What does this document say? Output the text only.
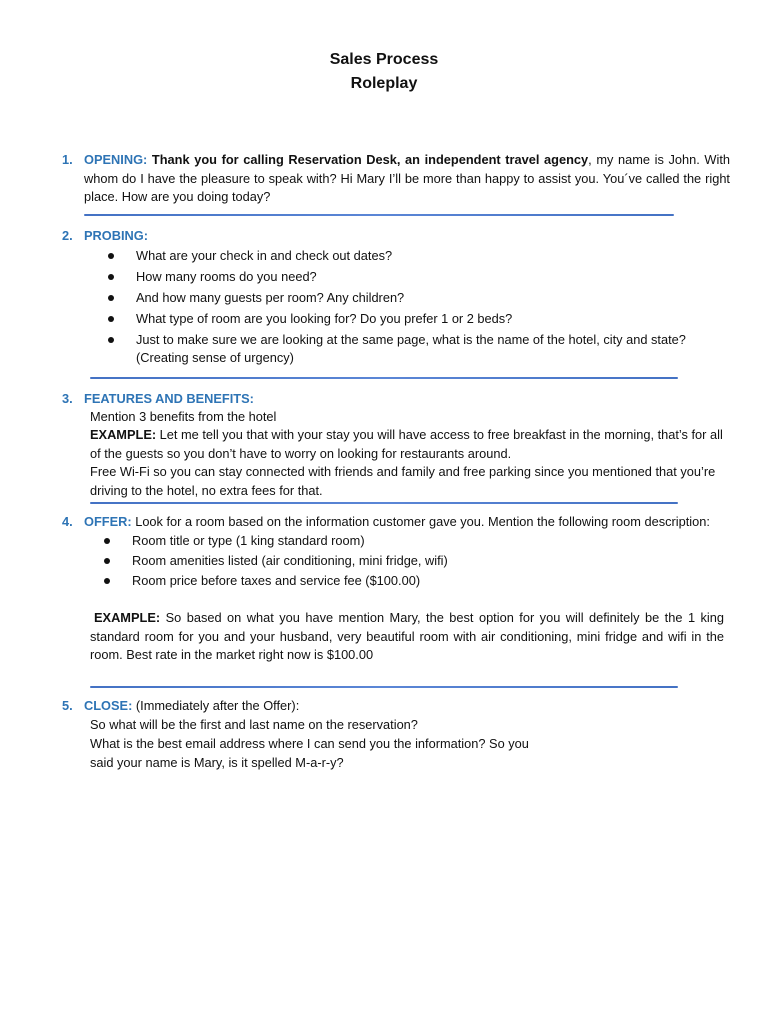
Sales Process
Roleplay
1. OPENING: Thank you for calling Reservation Desk, an independent travel agency, my name is John. With whom do I have the pleasure to speak with? Hi Mary I’ll be more than happy to assist you. You´ve called the right place. How are you doing today?

2. PROBING:
What are your check in and check out dates?
How many rooms do you need?
And how many guests per room? Any children?
What type of room are you looking for? Do you prefer 1 or 2 beds?
Just to make sure we are looking at the same page, what is the name of the hotel, city and state? (Creating sense of urgency)
3. FEATURES AND BENEFITS:

Mention 3 benefits from the hotel

EXAMPLE: Let me tell you that with your stay you will have access to free breakfast in the morning, that’s for all of the guests so you don’t have to worry on looking for restaurants around.

Free Wi-Fi so you can stay connected with friends and family and free parking since you mentioned that you’re driving to the hotel, no extra fees for that.

4. OFFER: Look for a room based on the information customer gave you. Mention the following room description:

Room title or type (1 king standard room)
Room amenities listed (air conditioning, mini fridge, wifi)
Room price before taxes and service fee ($100.00)

EXAMPLE: So based on what you have mention Mary, the best option for you will definitely be the 1 king standard room for you and your husband, very beautiful room with air conditioning, mini fridge and wifi in the room. Best rate in the market right now is $100.00

5. CLOSE: (Immediately after the Offer):

So what will be the first and last name on the reservation?

What is the best email address where I can send you the information? So you

said your name is Mary, is it spelled M-a-r-y?
